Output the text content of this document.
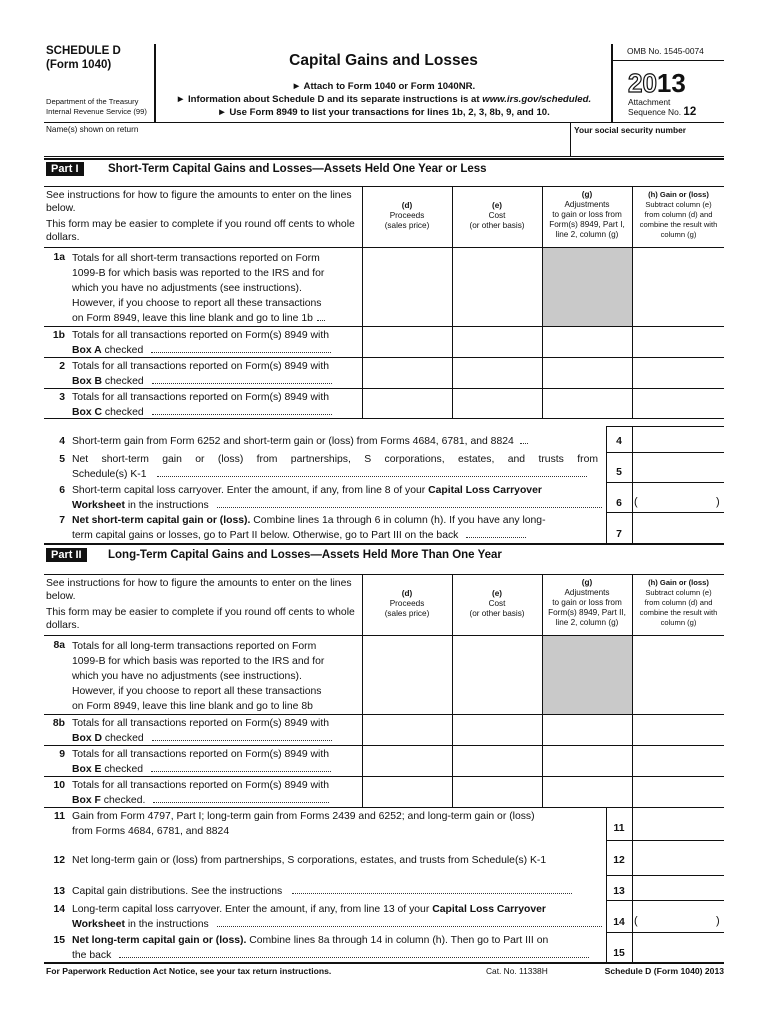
SCHEDULE D
(Form 1040)
Department of the Treasury
Internal Revenue Service (99)
Capital Gains and Losses
► Attach to Form 1040 or Form 1040NR.
► Information about Schedule D and its separate instructions is at www.irs.gov/scheduled.
► Use Form 8949 to list your transactions for lines 1b, 2, 3, 8b, 9, and 10.
OMB No. 1545-0074
2013
Attachment
Sequence No. 12
Name(s) shown on return	Your social security number
Part I	Short-Term Capital Gains and Losses—Assets Held One Year or Less
See instructions for how to figure the amounts to enter on the lines below.
This form may be easier to complete if you round off cents to whole dollars.
(d)
Proceeds
(sales price)
(e)
Cost
(or other basis)
(g)
Adjustments
to gain or loss from
Form(s) 8949, Part I,
line 2, column (g)
(h) Gain or (loss)
Subtract column (e)
from column (d) and
combine the result with
column (g)
1a Totals for all short-term transactions reported on Form
1099-B for which basis was reported to the IRS and for
which you have no adjustments (see instructions).
However, if you choose to report all these transactions
on Form 8949, leave this line blank and go to line 1b
1b Totals for all transactions reported on Form(s) 8949 with
Box A checked
2 Totals for all transactions reported on Form(s) 8949 with
Box B checked
3 Totals for all transactions reported on Form(s) 8949 with
Box C checked
4 Short-term gain from Form 6252 and short-term gain or (loss) from Forms 4684, 6781, and 8824	4
5 Net short-term gain or (loss) from partnerships, S corporations, estates, and trusts from
Schedule(s) K-1	5
6 Short-term capital loss carryover. Enter the amount, if any, from line 8 of your Capital Loss Carryover
Worksheet in the instructions	6	(	)
7 Net short-term capital gain or (loss). Combine lines 1a through 6 in column (h). If you have any long-
term capital gains or losses, go to Part II below. Otherwise, go to Part III on the back	7
Part II	Long-Term Capital Gains and Losses—Assets Held More Than One Year
See instructions for how to figure the amounts to enter on the lines below.
This form may be easier to complete if you round off cents to whole dollars.
(d)
Proceeds
(sales price)
(e)
Cost
(or other basis)
(g)
Adjustments
to gain or loss from
Form(s) 8949, Part II,
line 2, column (g)
(h) Gain or (loss)
Subtract column (e)
from column (d) and
combine the result with
column (g)
8a Totals for all long-term transactions reported on Form
1099-B for which basis was reported to the IRS and for
which you have no adjustments (see instructions).
However, if you choose to report all these transactions
on Form 8949, leave this line blank and go to line 8b
8b Totals for all transactions reported on Form(s) 8949 with
Box D checked
9 Totals for all transactions reported on Form(s) 8949 with
Box E checked
10 Totals for all transactions reported on Form(s) 8949 with
Box F checked.
11 Gain from Form 4797, Part I; long-term gain from Forms 2439 and 6252; and long-term gain or (loss)
from Forms 4684, 6781, and 8824	11
12 Net long-term gain or (loss) from partnerships, S corporations, estates, and trusts from Schedule(s) K-1	12
13 Capital gain distributions. See the instructions	13
14 Long-term capital loss carryover. Enter the amount, if any, from line 13 of your Capital Loss Carryover
Worksheet in the instructions	14 (	)
15 Net long-term capital gain or (loss). Combine lines 8a through 14 in column (h). Then go to Part III on
the back	15
For Paperwork Reduction Act Notice, see your tax return instructions.	Cat. No. 11338H	Schedule D (Form 1040) 2013
